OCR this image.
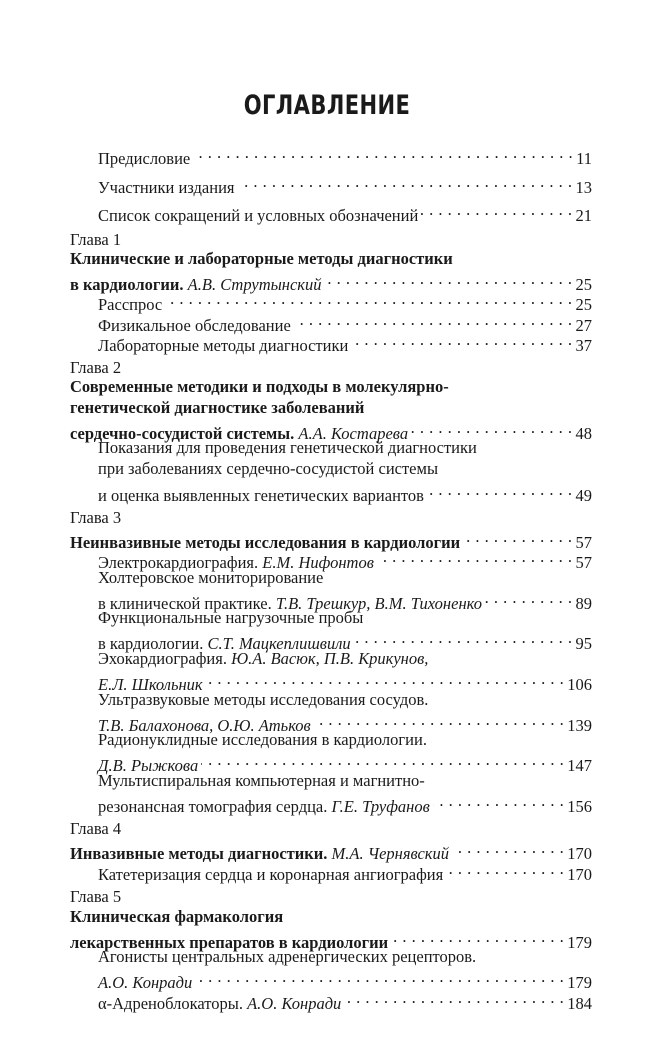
ОГЛАВЛЕНИЕ
Предисловие . . .	11
Участники издания . . .	13
Список сокращений и условных обозначений . . .	21
Глава 1
Клинические и лабораторные методы диагностики
в кардиологии.
А.В. Струтынский . . .	25
Расспрос . . .	25
Физикальное обследование . . .	27
Лабораторные методы диагностики . . .	37
Глава 2
Современные методики и подходы в молекулярно-
генетической диагностике заболеваний
сердечно-сосудистой системы.
А.А. Костарева . . .	48
Показания для проведения генетической диагностики
при заболеваниях сердечно-сосудистой системы
и оценка выявленных генетических вариантов . . .	49
Глава 3
Неинвазивные методы исследования в кардиологии . . .	57
Электрокардиография.
Е.М. Нифонтов . . .	57
Холтеровское мониторирование
в клинической практике.
Т.В. Трешкур, В.М. Тихоненко . . .	89
Функциональные нагрузочные пробы
в кардиологии.
С.Т. Мацкеплишвили . . .	95
Эхокардиография.
Ю.А. Васюк, П.В. Крикунов,
Е.Л. Школьник . . .	106
Ультразвуковые методы исследования сосудов.
Т.В. Балахонова, О.Ю. Атьков . . .	139
Радионуклидные исследования в кардиологии.
Д.В. Рыжкова . . .	147
Мультиспиральная компьютерная и магнитно-
резонансная томография сердца.
Г.Е. Труфанов . . .	156
Глава 4
Инвазивные методы диагностики.
М.А. Чернявский . . .	170
Катетеризация сердца и коронарная ангиография . . .	170
Глава 5
Клиническая фармакология
лекарственных препаратов в кардиологии . . .	179
Агонисты центральных адренергических рецепторов.
А.О. Конради . . .	179
α-Адреноблокаторы.
А.О. Конради . . .	184
